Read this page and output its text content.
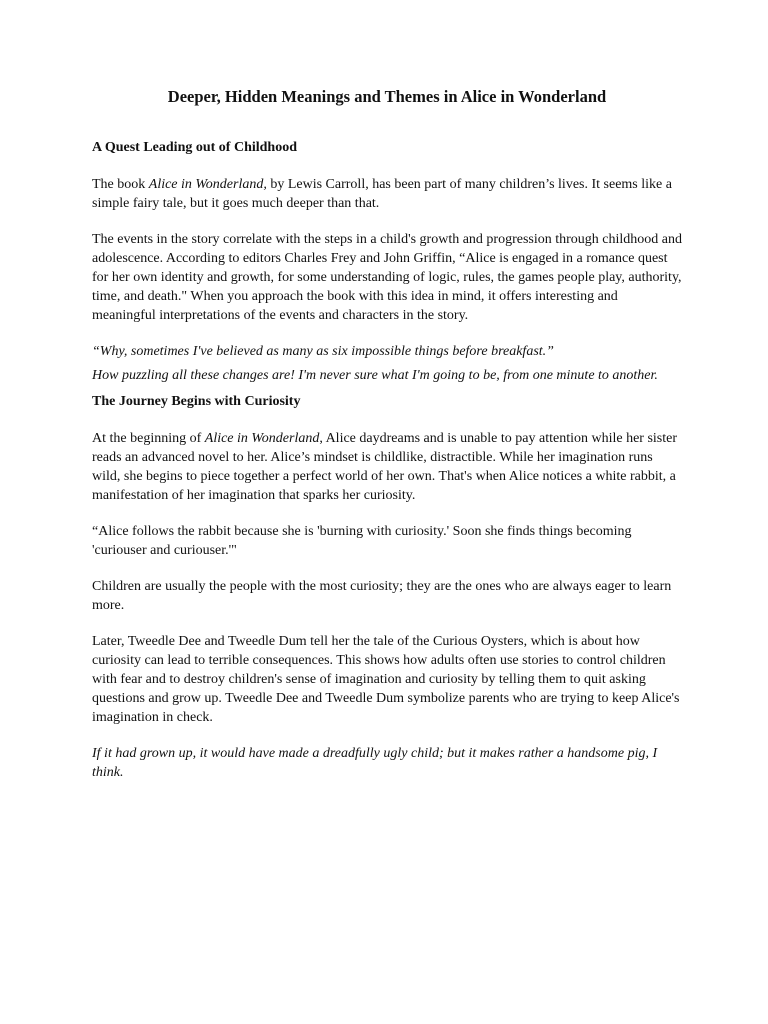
Deeper, Hidden Meanings and Themes in Alice in Wonderland
A Quest Leading out of Childhood

The book Alice in Wonderland, by Lewis Carroll, has been part of many children’s lives. It seems like a simple fairy tale, but it goes much deeper than that.

The events in the story correlate with the steps in a child's growth and progression through childhood and adolescence. According to editors Charles Frey and John Griffin, “Alice is engaged in a romance quest for her own identity and growth, for some understanding of logic, rules, the games people play, authority, time, and death." When you approach the book with this idea in mind, it offers interesting and meaningful interpretations of the events and characters in the story.

“Why, sometimes I've believed as many as six impossible things before breakfast.”

How puzzling all these changes are! I'm never sure what I'm going to be, from one minute to another.

The Journey Begins with Curiosity

At the beginning of Alice in Wonderland, Alice daydreams and is unable to pay attention while her sister reads an advanced novel to her. Alice’s mindset is childlike, distractible. While her imagination runs wild, she begins to piece together a perfect world of her own. That's when Alice notices a white rabbit, a manifestation of her imagination that sparks her curiosity.

“Alice follows the rabbit because she is 'burning with curiosity.' Soon she finds things becoming 'curiouser and curiouser.'"

Children are usually the people with the most curiosity; they are the ones who are always eager to learn more.

Later, Tweedle Dee and Tweedle Dum tell her the tale of the Curious Oysters, which is about how curiosity can lead to terrible consequences. This shows how adults often use stories to control children with fear and to destroy children's sense of imagination and curiosity by telling them to quit asking questions and grow up. Tweedle Dee and Tweedle Dum symbolize parents who are trying to keep Alice's imagination in check.

If it had grown up, it would have made a dreadfully ugly child; but it makes rather a handsome pig, I think.
